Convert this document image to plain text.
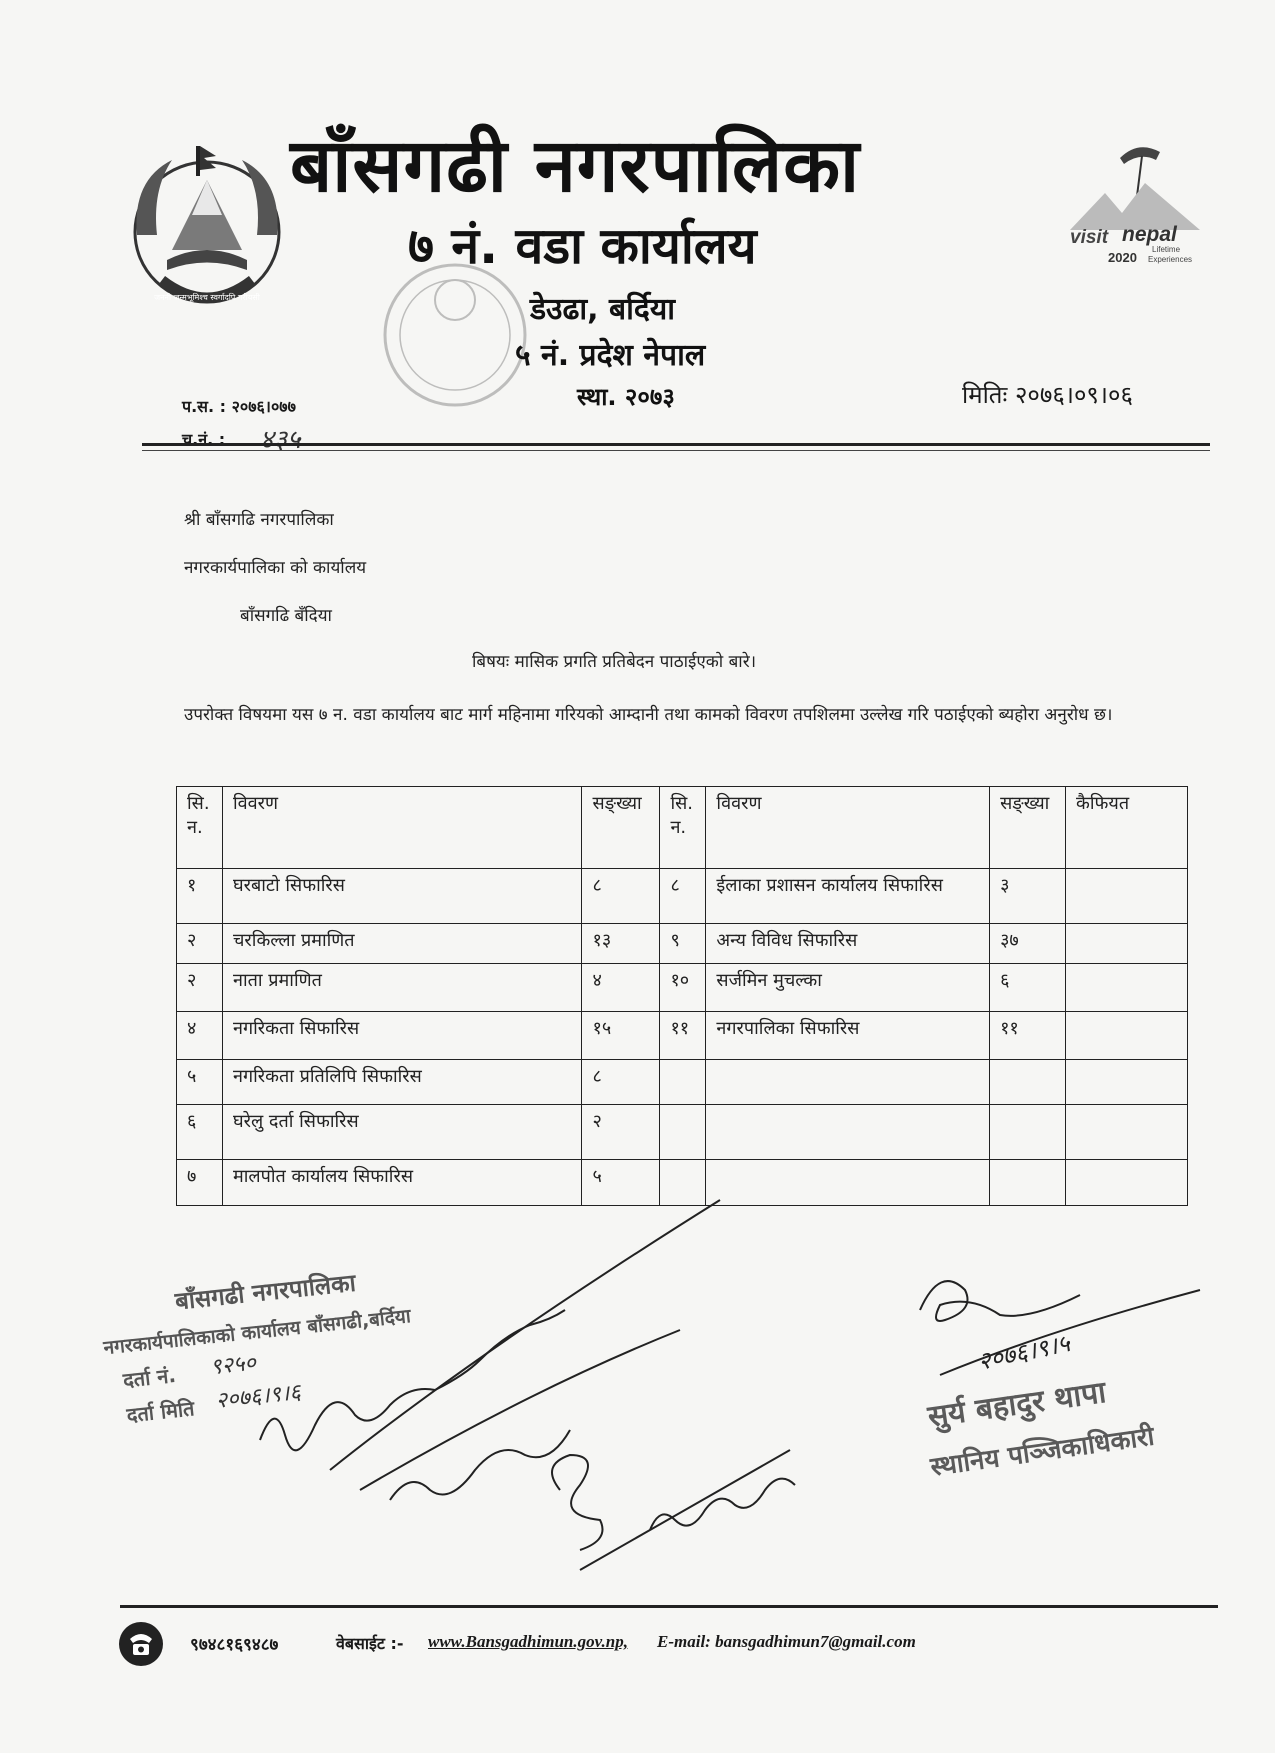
जननी जन्मभूमिश्च स्वर्गादपि गरीयसी
बाँसगढी नगरपालिका
७ नं. वडा कार्यालय
डेउढा, बर्दिया
५ नं. प्रदेश नेपाल
स्था. २०७३
visit nepal
2020
Lifetime
Experiences
प.स. : २०७६।०७७
च.नं. : ४३५
मितिः २०७६।०९।०६
श्री बाँसगढि नगरपालिका
नगरकार्यपालिका को कार्यालय
बाँसगढि बँदिया
बिषयः मासिक प्रगति प्रतिबेदन पाठाईएको बारे।
उपरोक्त विषयमा यस ७ न. वडा कार्यालय बाट मार्ग महिनामा गरियको आम्दानी तथा कामको विवरण तपशिलमा उल्लेख गरि पठाईएको ब्यहोरा अनुरोध छ।
सि. न.	विवरण	सङ्ख्या	सि. न.	विवरण	सङ्ख्या	कैफियत
१	घरबाटो सिफारिस	८	८	ईलाका प्रशासन कार्यालय सिफारिस	३	
२	चरकिल्ला प्रमाणित	१३	९	अन्य विविध सिफारिस	३७	
२	नाता प्रमाणित	४	१०	सर्जमिन मुचल्का	६	
४	नगरिकता सिफारिस	१५	११	नगरपालिका सिफारिस	११	
५	नगरिकता प्रतिलिपि सिफारिस	८				
६	घरेलु दर्ता सिफारिस	२				
७	मालपोत कार्यालय सिफारिस	५				
बाँसगढी नगरपालिका
नगरकार्यपालिकाको कार्यालय बाँसगढी,बर्दिया
दर्ता नं. ९२५०
दर्ता मिति २०७६।९।६
२०७६।९।५
सुर्य बहादुर थापा
स्थानिय पञ्जिकाधिकारी
९७४८१६९४८७	वेबसाईट :- www.Bansgadhimun.gov.np, E-mail: bansgadhimun7@gmail.com
